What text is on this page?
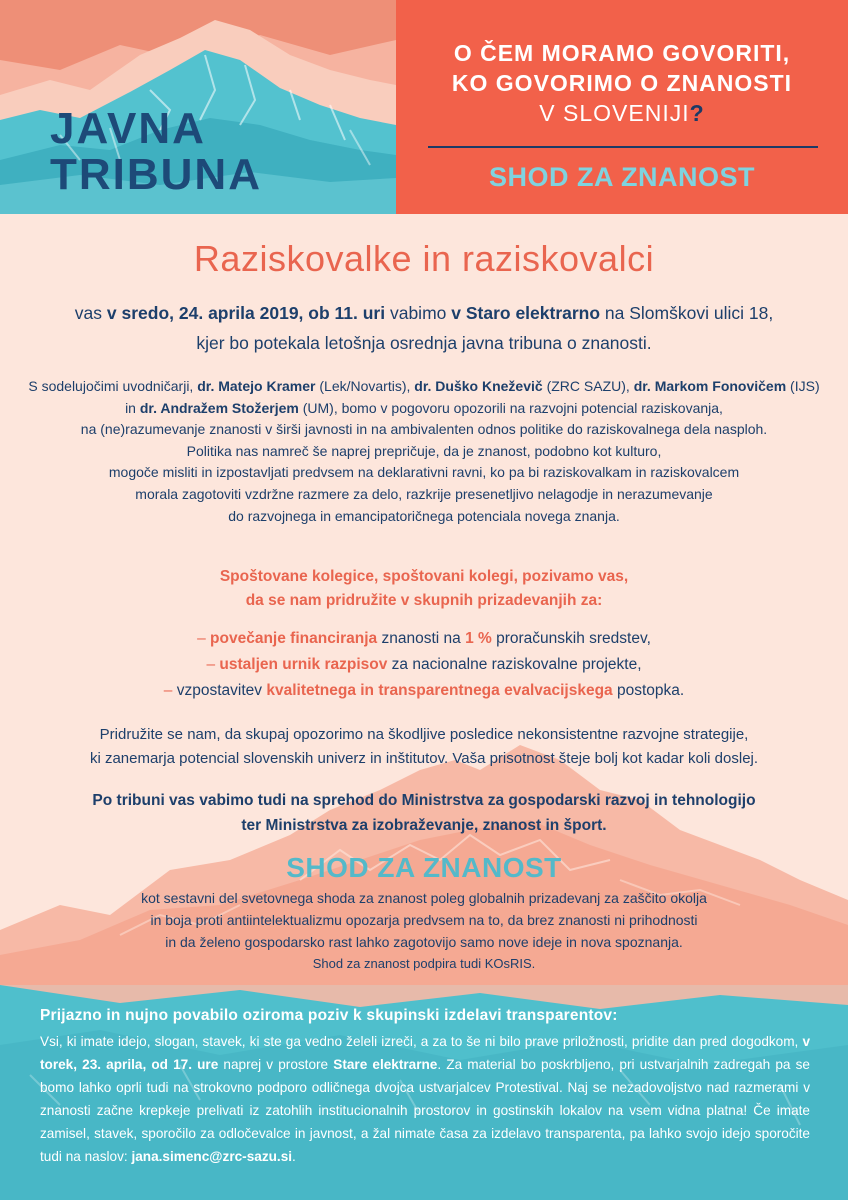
JAVNA
TRIBUNA
O ČEM MORAMO GOVORITI,
KO GOVORIMO O ZNANOSTI
V SLOVENIJI?
SHOD ZA ZNANOST
Raziskovalke in raziskovalci
vas v sredo, 24. aprila 2019, ob 11. uri vabimo v Staro elektrarno na Slomškovi ulici 18,
kjer bo potekala letošnja osrednja javna tribuna o znanosti.
S sodelujočimi uvodničarji, dr. Matejo Kramer (Lek/Novartis), dr. Duško Kneževič (ZRC SAZU), dr. Markom Fonovičem (IJS)
in dr. Andražem Stožerjem (UM), bomo v pogovoru opozorili na razvojni potencial raziskovanja,
na (ne)razumevanje znanosti v širši javnosti in na ambivalenten odnos politike do raziskovalnega dela nasploh.
Politika nas namreč še naprej prepričuje, da je znanost, podobno kot kulturo,
mogoče misliti in izpostavljati predvsem na deklarativni ravni, ko pa bi raziskovalkam in raziskovalcem
morala zagotoviti vzdržne razmere za delo, razkrije presenetljivo nelagodje in nerazumevanje
do razvojnega in emancipatoričnega potenciala novega znanja.
Spoštovane kolegice, spoštovani kolegi, pozivamo vas,
da se nam pridružite v skupnih prizadevanjih za:
– povečanje financiranja znanosti na 1 % proračunskih sredstev,
– ustaljen urnik razpisov za nacionalne raziskovalne projekte,
– vzpostavitev kvalitetnega in transparentnega evalvacijskega postopka.
Pridružite se nam, da skupaj opozorimo na škodljive posledice nekonsistentne razvojne strategije,
ki zanemarja potencial slovenskih univerz in inštitutov. Vaša prisotnost šteje bolj kot kadar koli doslej.
Po tribuni vas vabimo tudi na sprehod do Ministrstva za gospodarski razvoj in tehnologijo
ter Ministrstva za izobraževanje, znanost in šport.
SHOD ZA ZNANOST
kot sestavni del svetovnega shoda za znanost poleg globalnih prizadevanj za zaščito okolja
in boja proti antiintelektualizmu opozarja predvsem na to, da brez znanosti ni prihodnosti
in da želeno gospodarsko rast lahko zagotovijo samo nove ideje in nova spoznanja.
Shod za znanost podpira tudi KOsRIS.
Prijazno in nujno povabilo oziroma poziv k skupinski izdelavi transparentov:
Vsi, ki imate idejo, slogan, stavek, ki ste ga vedno želeli izreči, a za to še ni bilo prave priložnosti, pridite dan pred dogodkom, v torek, 23. aprila, od 17. ure naprej v prostore Stare elektrarne. Za material bo poskrbljeno, pri ustvarjalnih zadregah pa se bomo lahko oprli tudi na strokovno podporo odličnega dvojca ustvarjalcev Protestival. Naj se nezadovoljstvo nad razmerami v znanosti začne krepkeje prelivati iz zatohlih institucionalnih prostorov in gostinskih lokalov na vsem vidna platna! Če imate zamisel, stavek, sporočilo za odločevalce in javnost, a žal nimate časa za izdelavo transparenta, pa lahko svojo idejo sporočite tudi na naslov: jana.simenc@zrc-sazu.si.
